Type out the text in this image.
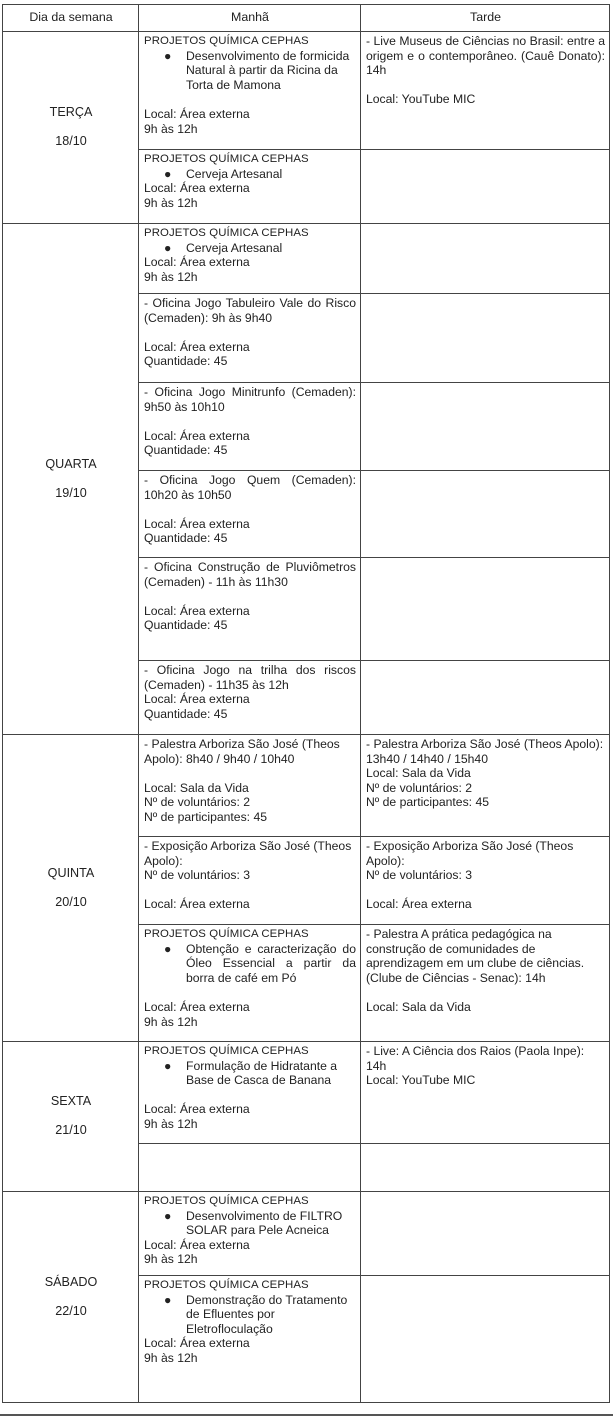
Dia da semana	Manhã	Tarde

TERÇA
18/10	PROJETOS QUÍMICA CEPHAS
● Desenvolvimento de formicida Natural à partir da Ricina da Torta de Mamona
Local: Área externa
9h às 12h	- Live Museus de Ciências no Brasil: entre a origem e o contemporâneo. (Cauê Donato): 14h
Local: YouTube MIC

	PROJETOS QUÍMICA CEPHAS
● Cerveja Artesanal
Local: Área externa
9h às 12h	

QUARTA
19/10	PROJETOS QUÍMICA CEPHAS
● Cerveja Artesanal
Local: Área externa
9h às 12h	

	- Oficina Jogo Tabuleiro Vale do Risco (Cemaden): 9h às 9h40
Local: Área externa
Quantidade: 45	

	- Oficina Jogo Minitrunfo (Cemaden): 9h50 às 10h10
Local: Área externa
Quantidade: 45	

	- Oficina Jogo Quem (Cemaden): 10h20 às 10h50
Local: Área externa
Quantidade: 45	

	- Oficina Construção de Pluviômetros (Cemaden) - 11h às 11h30
Local: Área externa
Quantidade: 45	

	- Oficina Jogo na trilha dos riscos (Cemaden) - 11h35 às 12h
Local: Área externa
Quantidade: 45	

QUINTA
20/10	- Palestra Arboriza São José (Theos Apolo): 8h40 / 9h40 / 10h40
Local: Sala da Vida
Nº de voluntários: 2
Nº de participantes: 45	- Palestra Arboriza São José (Theos Apolo): 13h40 / 14h40 / 15h40
Local: Sala da Vida
Nº de voluntários: 2
Nº de participantes: 45

	- Exposição Arboriza São José (Theos Apolo):
Nº de voluntários: 3
Local: Área externa	- Exposição Arboriza São José (Theos Apolo):
Nº de voluntários: 3
Local: Área externa

	PROJETOS QUÍMICA CEPHAS
● Obtenção e caracterização do Óleo Essencial a partir da borra de café em Pó
Local: Área externa
9h às 12h	- Palestra A prática pedagógica na construção de comunidades de aprendizagem em um clube de ciências. (Clube de Ciências - Senac): 14h
Local: Sala da Vida

SEXTA
21/10	PROJETOS QUÍMICA CEPHAS
● Formulação de Hidratante a Base de Casca de Banana
Local: Área externa
9h às 12h	- Live: A Ciência dos Raios (Paola Inpe): 14h
Local: YouTube MIC

SÁBADO
22/10	PROJETOS QUÍMICA CEPHAS
● Desenvolvimento de FILTRO SOLAR para Pele Acneica
Local: Área externa
9h às 12h	

	PROJETOS QUÍMICA CEPHAS
● Demonstração do Tratamento de Efluentes por Eletrofloculação
Local: Área externa
9h às 12h	
